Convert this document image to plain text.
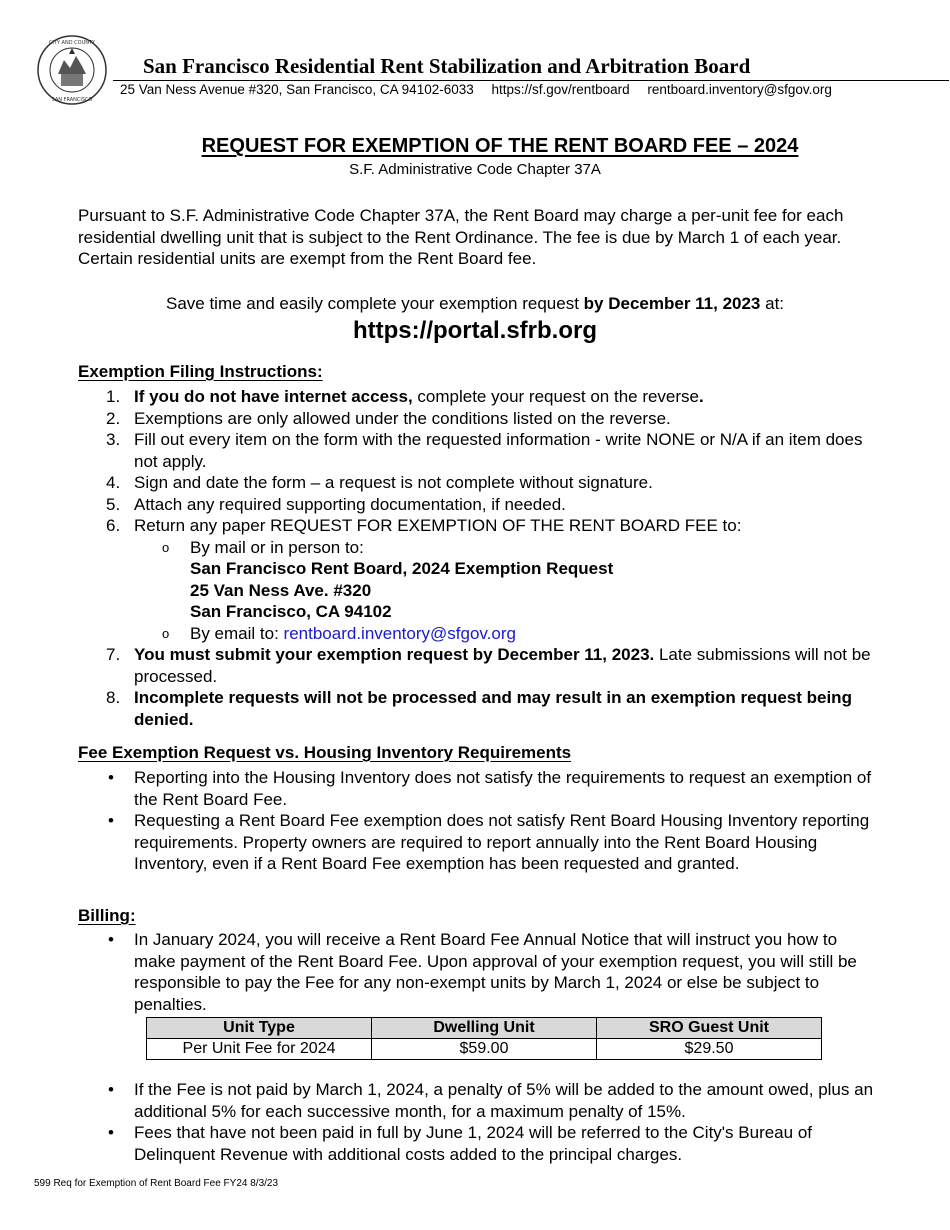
CITY AND COUNTY
SAN FRANCISCO
San Francisco Residential Rent Stabilization and Arbitration Board
25 Van Ness Avenue #320, San Francisco, CA 94102-6033 https://sf.gov/rentboard rentboard.inventory@sfgov.org
REQUEST FOR EXEMPTION OF THE RENT BOARD FEE – 2024
S.F. Administrative Code Chapter 37A
Pursuant to S.F. Administrative Code Chapter 37A, the Rent Board may charge a per-unit fee for each residential dwelling unit that is subject to the Rent Ordinance. The fee is due by March 1 of each year. Certain residential units are exempt from the Rent Board fee.
Save time and easily complete your exemption request by December 11, 2023 at:
https://portal.sfrb.org
Exemption Filing Instructions:
1. If you do not have internet access, complete your request on the reverse.
2. Exemptions are only allowed under the conditions listed on the reverse.
3. Fill out every item on the form with the requested information - write NONE or N/A if an item does not apply.
4. Sign and date the form – a request is not complete without signature.
5. Attach any required supporting documentation, if needed.
6. Return any paper REQUEST FOR EXEMPTION OF THE RENT BOARD FEE to:
o By mail or in person to:
San Francisco Rent Board, 2024 Exemption Request
25 Van Ness Ave. #320
San Francisco, CA 94102
o By email to: rentboard.inventory@sfgov.org
7. You must submit your exemption request by December 11, 2023. Late submissions will not be processed.
8. Incomplete requests will not be processed and may result in an exemption request being denied.
Fee Exemption Request vs. Housing Inventory Requirements
• Reporting into the Housing Inventory does not satisfy the requirements to request an exemption of the Rent Board Fee.
• Requesting a Rent Board Fee exemption does not satisfy Rent Board Housing Inventory reporting requirements. Property owners are required to report annually into the Rent Board Housing Inventory, even if a Rent Board Fee exemption has been requested and granted.
Billing:
• In January 2024, you will receive a Rent Board Fee Annual Notice that will instruct you how to make payment of the Rent Board Fee. Upon approval of your exemption request, you will still be responsible to pay the Fee for any non-exempt units by March 1, 2024 or else be subject to penalties.
Unit Type	Dwelling Unit	SRO Guest Unit
Per Unit Fee for 2024	$59.00	$29.50
• If the Fee is not paid by March 1, 2024, a penalty of 5% will be added to the amount owed, plus an additional 5% for each successive month, for a maximum penalty of 15%.
• Fees that have not been paid in full by June 1, 2024 will be referred to the City's Bureau of Delinquent Revenue with additional costs added to the principal charges.
599 Req for Exemption of Rent Board Fee FY24 8/3/23
